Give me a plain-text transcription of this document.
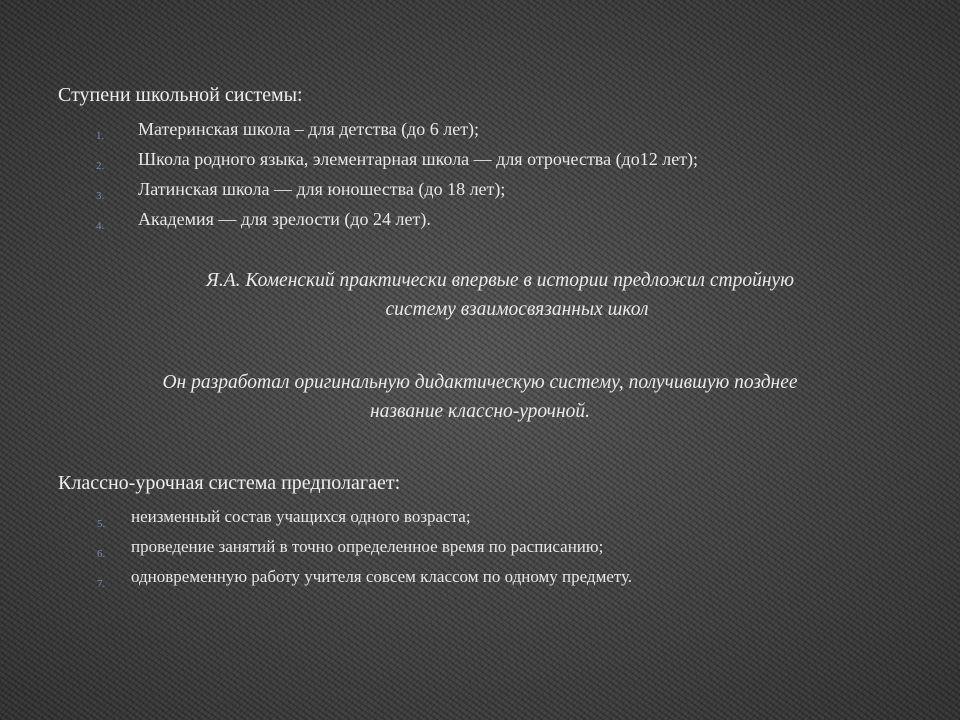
Ступени школьной системы:
1. Материнская школа – для детства (до 6 лет);
2. Школа родного языка, элементарная школа — для отрочества (до12 лет);
3. Латинская школа — для юношества (до 18 лет);
4. Академия — для зрелости (до 24 лет).
Я.А. Коменский практически впервые в истории предложил стройную
систему взаимосвязанных школ
Он разработал оригинальную дидактическую систему, получившую позднее
название классно-урочной.
Классно-урочная система предполагает:
5. неизменный состав учащихся одного возраста;
6. проведение занятий в точно определенное время по расписанию;
7. одновременную работу учителя совсем классом по одному предмету.
